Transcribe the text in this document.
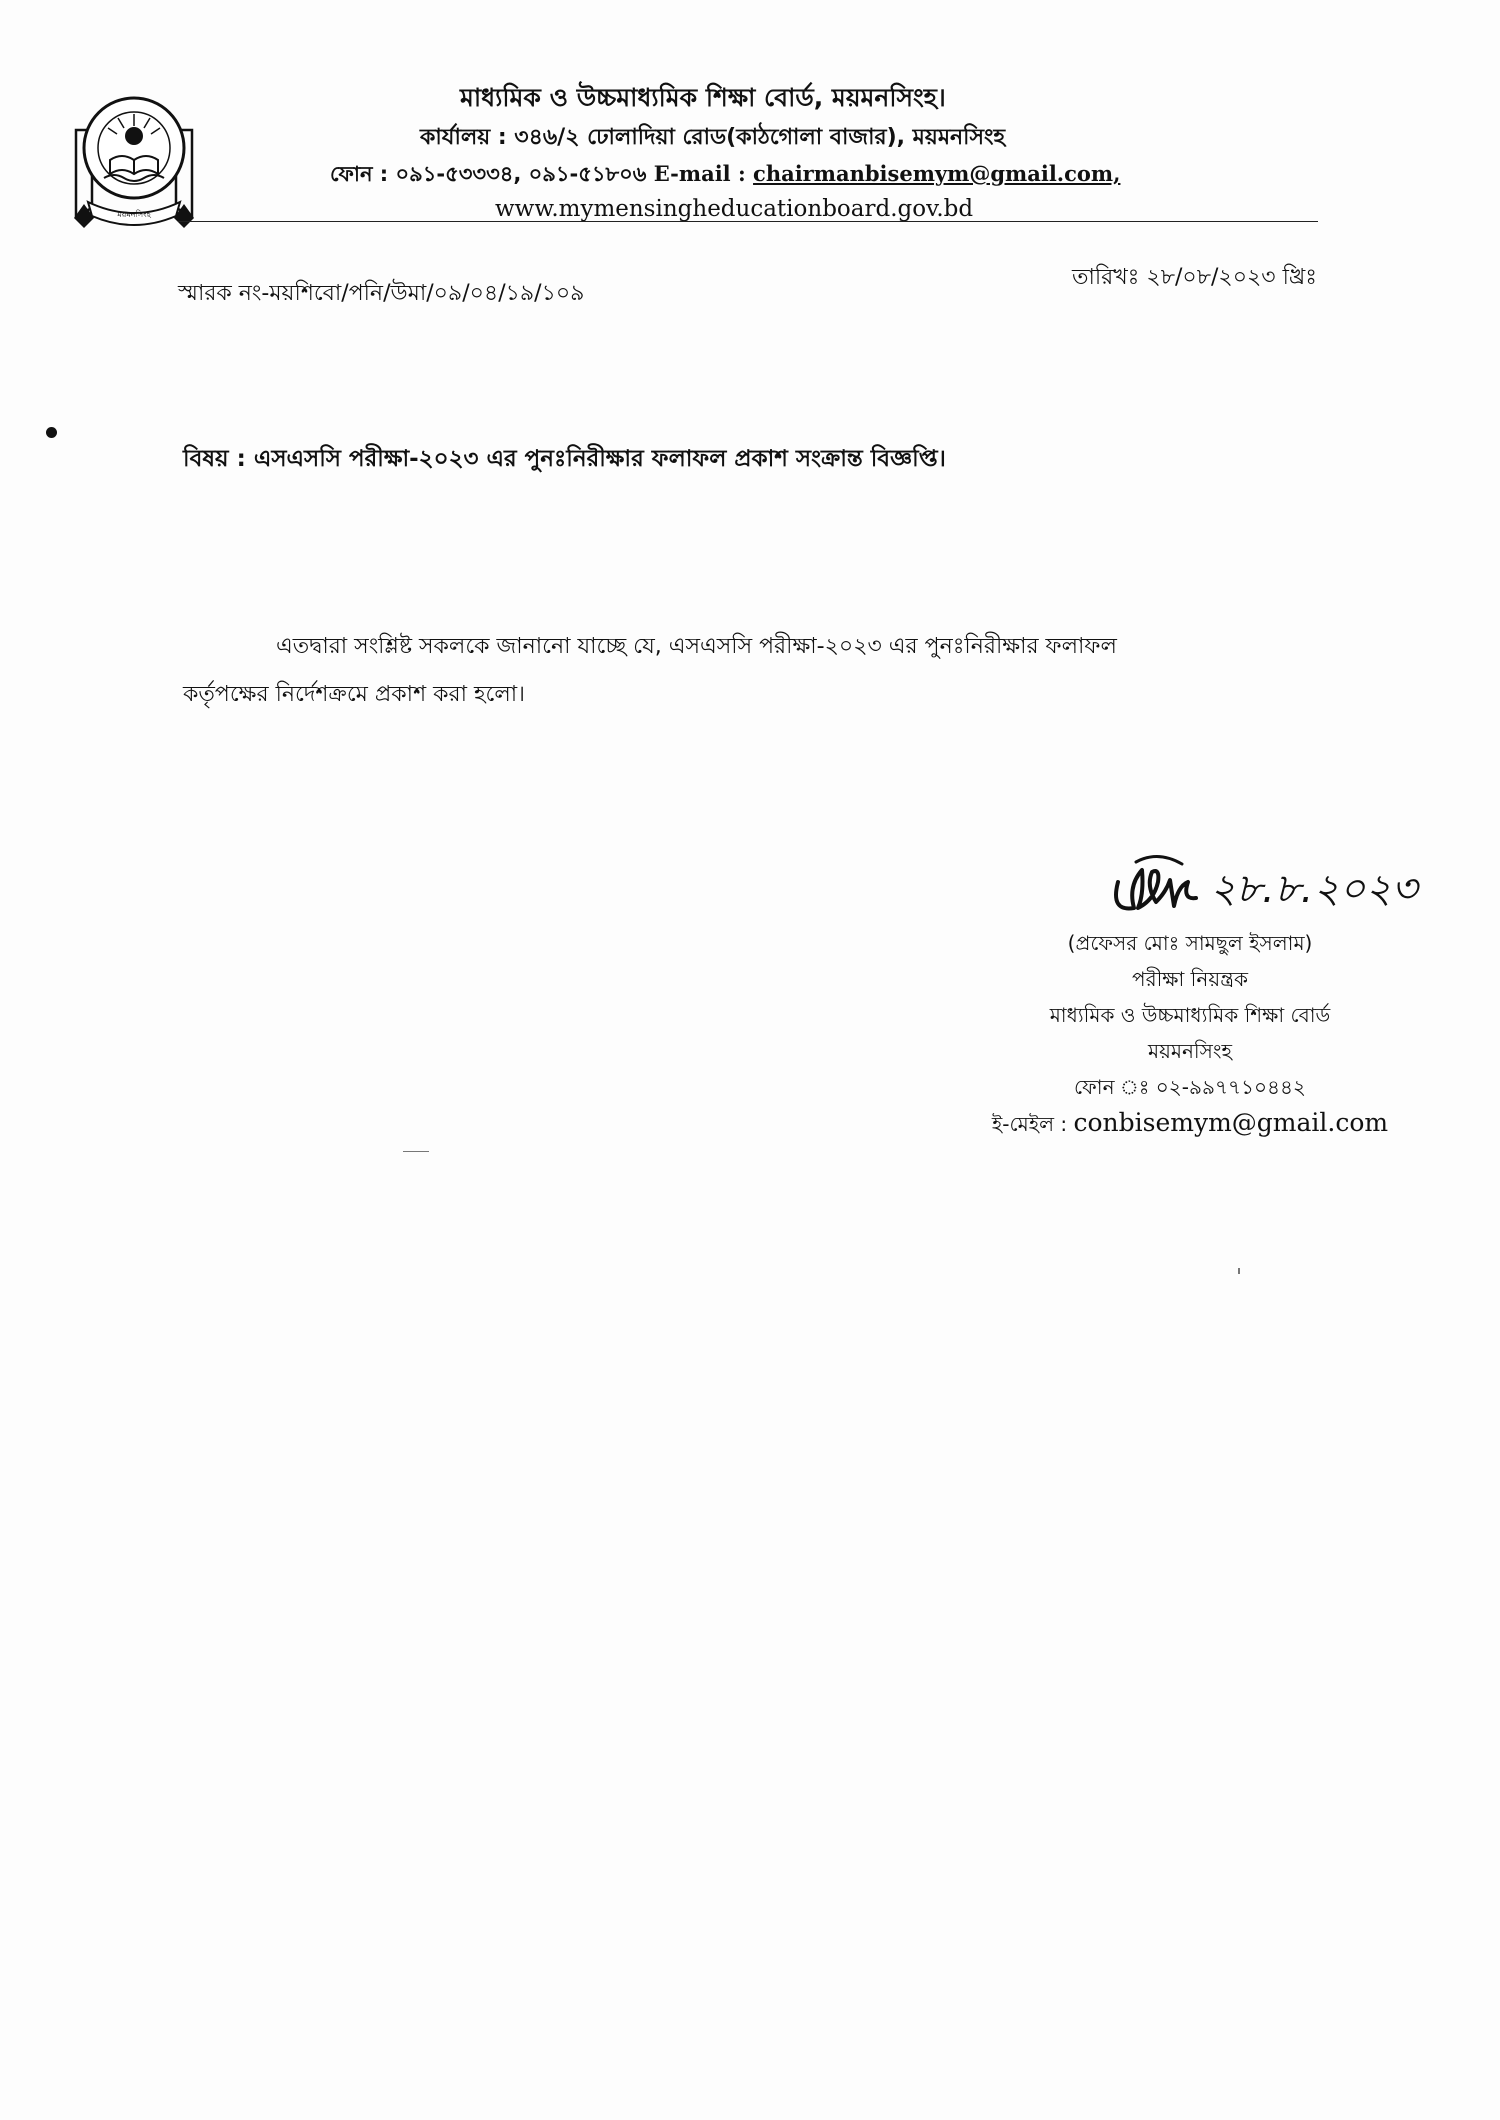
ময়মনসিংহ
মাধ্যমিক ও উচ্চমাধ্যমিক শিক্ষা বোর্ড, ময়মনসিংহ।
কার্যালয় : ৩৪৬/২ ঢোলাদিয়া রোড(কাঠগোলা বাজার), ময়মনসিংহ
ফোন : ০৯১-৫৩৩৩৪, ০৯১-৫১৮০৬ E-mail : chairmanbisemym@gmail.com,
www.mymensingheducationboard.gov.bd
স্মারক নং-ময়শিবো/পনি/উমা/০৯/০৪/১৯/১০৯
তারিখঃ ২৮/০৮/২০২৩ খ্রিঃ
বিষয় : এসএসসি পরীক্ষা-২০২৩ এর পুনঃনিরীক্ষার ফলাফল প্রকাশ সংক্রান্ত বিজ্ঞপ্তি।
এতদ্বারা সংশ্লিষ্ট সকলকে জানানো যাচ্ছে যে, এসএসসি পরীক্ষা-২০২৩ এর পুনঃনিরীক্ষার ফলাফল
কর্তৃপক্ষের নির্দেশক্রমে প্রকাশ করা হলো।
২৮.৮.২০২৩
(প্রফেসর মোঃ সামছুল ইসলাম)
পরীক্ষা নিয়ন্ত্রক
মাধ্যমিক ও উচ্চমাধ্যমিক শিক্ষা বোর্ড
ময়মনসিংহ
ফোন ঃ ০২-৯৯৭৭১০৪৪২
ই-মেইল : conbisemym@gmail.com
